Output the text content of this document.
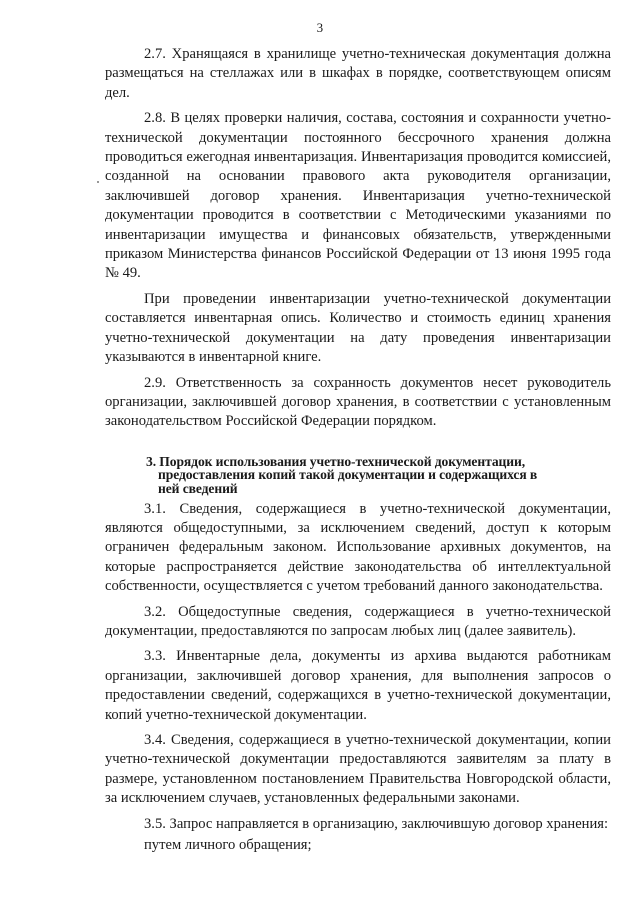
3

2.7. Хранящаяся в хранилище учетно-техническая документация должна размещаться на стеллажах или в шкафах в порядке, соответствующем описям дел.

2.8. В целях проверки наличия, состава, состояния и сохранности учетно-технической документации постоянного бессрочного хранения должна проводиться ежегодная инвентаризация. Инвентаризация проводится комиссией, созданной на основании правового акта руководителя организации, заключившей договор хранения. Инвентаризация учетно-технической документации проводится в соответствии с Методическими указаниями по инвентаризации имущества и финансовых обязательств, утвержденными приказом Министерства финансов Российской Федерации от 13 июня 1995 года № 49.

При проведении инвентаризации учетно-технической документации составляется инвентарная опись. Количество и стоимость единиц хранения учетно-технической документации на дату проведения инвентаризации указываются в инвентарной книге.

2.9. Ответственность за сохранность документов несет руководитель организации, заключившей договор хранения, в соответствии с установленным законодательством Российской Федерации порядком.

3. Порядок использования учетно-технической документации,
предоставления копий такой документации и содержащихся в
ней сведений

3.1. Сведения, содержащиеся в учетно-технической документации, являются общедоступными, за исключением сведений, доступ к которым ограничен федеральным законом. Использование архивных документов, на которые распространяется действие законодательства об интеллектуальной собственности, осуществляется с учетом требований данного законодательства.

3.2. Общедоступные сведения, содержащиеся в учетно-технической документации, предоставляются по запросам любых лиц (далее заявитель).

3.3. Инвентарные дела, документы из архива выдаются работникам организации, заключившей договор хранения, для выполнения запросов о предоставлении сведений, содержащихся в учетно-технической документации, копий учетно-технической документации.

3.4. Сведения, содержащиеся в учетно-технической документации, копии учетно-технической документации предоставляются заявителям за плату в размере, установленном постановлением Правительства Новгородской области, за исключением случаев, установленных федеральными законами.

3.5. Запрос направляется в организацию, заключившую договор хранения:

путем личного обращения;
